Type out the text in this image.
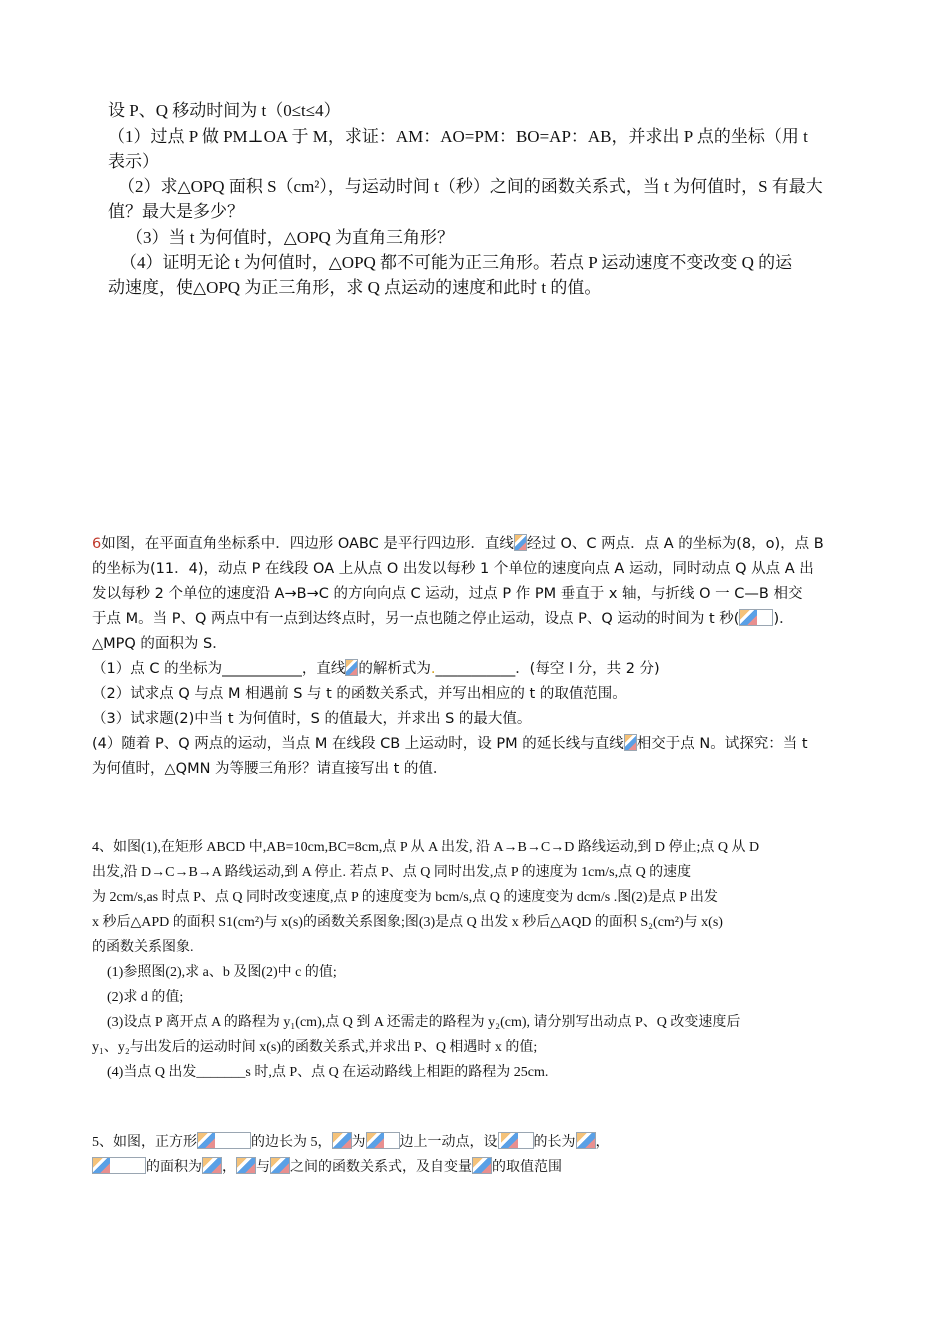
设 P、Q 移动时间为 t（0≤t≤4）
（1）过点 P 做 PM⊥OA 于 M，求证：AM：AO=PM：BO=AP：AB，并求出 P 点的坐标（用 t
表示）
（2）求△OPQ 面积 S（cm²），与运动时间 t（秒）之间的函数关系式，当 t 为何值时，S 有最大
值？最大是多少？
（3）当 t 为何值时，△OPQ 为直角三角形？
（4）证明无论 t 为何值时，△OPQ 都不可能为正三角形。若点 P 运动速度不变改变 Q 的运
动速度，使△OPQ 为正三角形，求 Q 点运动的速度和此时 t 的值。
6如图，在平面直角坐标系中．四边形 OABC 是平行四边形．直线 经过 O、C 两点．点 A 的坐标为(8，o)，点 B
的坐标为(11．4)，动点 P 在线段 OA 上从点 O 出发以每秒 1 个单位的速度向点 A 运动，同时动点 Q 从点 A 出
发以每秒 2 个单位的速度沿 A→B→C 的方向向点 C 运动，过点 P 作 PM 垂直于 x 轴，与折线 O 一 C—B 相交
于点 M。当 P、Q 两点中有一点到达终点时，另一点也随之停止运动，设点 P、Q 运动的时间为 t 秒( )．
△MPQ 的面积为 S．
（1）点 C 的坐标为___________，直线 的解析式为.___________．(每空 l 分，共 2 分)
（2）试求点 Q 与点 M 相遇前 S 与 t 的函数关系式，并写出相应的 t 的取值范围。
（3）试求题(2)中当 t 为何值时，S 的值最大，并求出 S 的最大值。
(4）随着 P、Q 两点的运动，当点 M 在线段 CB 上运动时，设 PM 的延长线与直线 相交于点 N。试探究：当 t
为何值时，△QMN 为等腰三角形？请直接写出 t 的值．
4、如图(1),在矩形 ABCD 中,AB=10cm,BC=8cm,点 P 从 A 出发, 沿 A→B→C→D 路线运动,到 D 停止;点 Q 从 D
出发,沿 D→C→B→A 路线运动,到 A 停止. 若点 P、点 Q 同时出发,点 P 的速度为 1cm/s,点 Q 的速度
为 2cm/s,as 时点 P、点 Q 同时改变速度,点 P 的速度变为 bcm/s,点 Q 的速度变为 dcm/s .图(2)是点 P 出发
x 秒后△APD 的面积 S1(cm²)与 x(s)的函数关系图象;图(3)是点 Q 出发 x 秒后△AQD 的面积 S₂(cm²)与 x(s)
的函数关系图象.
(1)参照图(2),求 a、b 及图(2)中 c 的值;
(2)求 d 的值;
(3)设点 P 离开点 A 的路程为 y₁(cm),点 Q 到 A 还需走的路程为 y₂(cm), 请分别写出动点 P、Q 改变速度后
y₁、y₂与出发后的运动时间 x(s)的函数关系式,并求出 P、Q 相遇时 x 的值;
(4)当点 Q 出发_______s 时,点 P、点 Q 在运动路线上相距的路程为 25cm.
5、如图，正方形	的边长为 5， 为 边上一动点，设	的长为 ，
的面积为 ， 与 之间的函数关系式，及自变量 的取值范围
